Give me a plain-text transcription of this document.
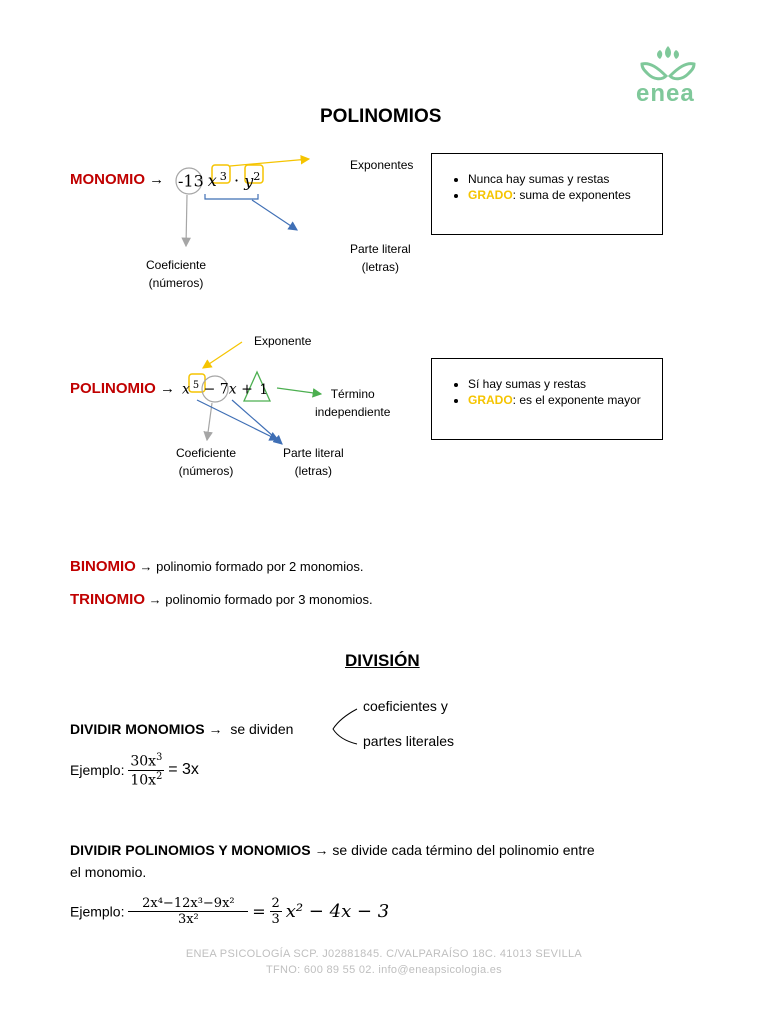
enea
POLINOMIOS
MONOMIO → -13 x $^3 \cdot y^2$
Exponentes
Coeficiente
(números)
Parte literal
(letras)
• Nunca hay sumas y restas
• GRADO: suma de exponentes
Exponente
POLINOMIO → x $^5$ − 7x + 1	Término
independiente
Coeficiente
(números)
Parte literal
(letras)
• Sí hay sumas y restas
• GRADO: es el exponente mayor
BINOMIO → polinomio formado por 2 monomios.
TRINOMIO → polinomio formado por 3 monomios.
DIVISIÓN
DIVIDIR MONOMIOS → se dividen
coeficientes y
partes literales
Ejemplo: $\frac{30x^3}{10x^2} = 3x$
DIVIDIR POLINOMIOS Y MONOMIOS → se divide cada término del polinomio entre
el monomio.
Ejemplo: $\frac{\text{2x⁴−12x³−9x²}}{\text{3x²}} = \frac{2}{3} x^2 - 4x - 3$
ENEA PSICOLOGÍA SCP. J02881845. C/VALPARAÍSO 18C. 41013 SEVILLA
TFNO: 600 89 55 02. info@eneapsicologia.es
